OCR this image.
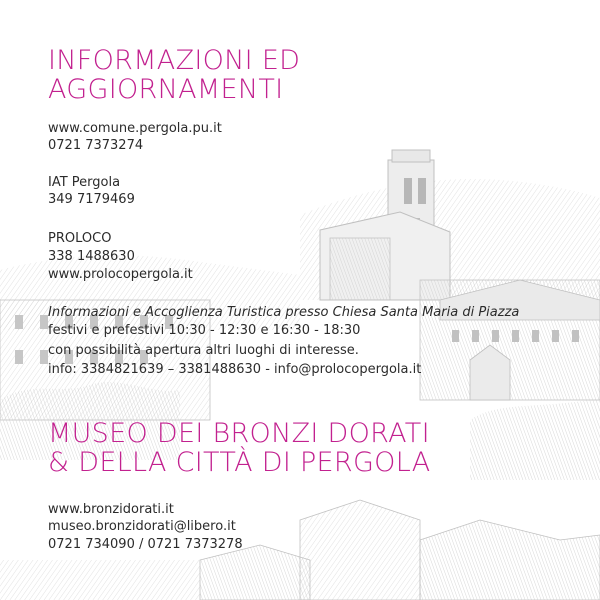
INFORMAZIONI ED
AGGIORNAMENTI
www.comune.pergola.pu.it
0721 7373274
IAT Pergola
349 7179469
PROLOCO
338 1488630
www.prolocopergola.it
Informazioni e Accoglienza Turistica presso Chiesa Santa Maria di Piazza
festivi e prefestivi 10:30 - 12:30 e 16:30 - 18:30
con possibilità apertura altri luoghi di interesse.
info: 3384821639 – 3381488630 - info@prolocopergola.it
MUSEO DEI BRONZI DORATI
& DELLA CITTÀ DI PERGOLA
www.bronzidorati.it
museo.bronzidorati@libero.it
0721 734090 / 0721 7373278
